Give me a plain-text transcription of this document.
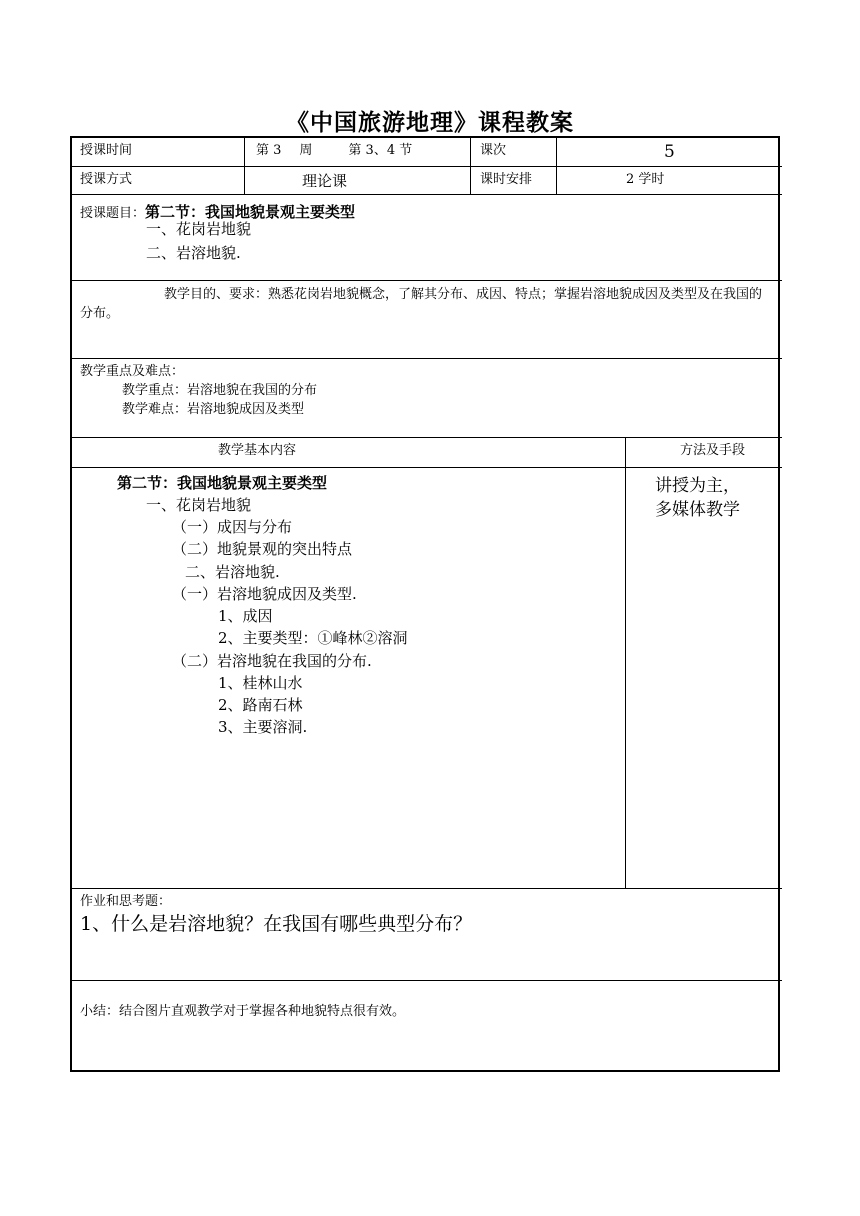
《中国旅游地理》课程教案
授课时间	第 3 周	第 3、4 节	课次	5
授课方式	理论课	课时安排	2 学时
授课题目：第二节：我国地貌景观主要类型
一、花岗岩地貌
二、岩溶地貌.
教学目的、要求：熟悉花岗岩地貌概念，了解其分布、成因、特点；掌握岩溶地貌成因及类型及在我国的分布。
教学重点及难点：
教学重点：岩溶地貌在我国的分布
教学难点：岩溶地貌成因及类型
教学基本内容	方法及手段
第二节：我国地貌景观主要类型
一、花岗岩地貌
（一）成因与分布
（二）地貌景观的突出特点
二、岩溶地貌.
（一）岩溶地貌成因及类型.
1、成因
2、主要类型：①峰林②溶洞
（二）岩溶地貌在我国的分布.
1、桂林山水
2、路南石林
3、主要溶洞.
讲授为主，
多媒体教学
作业和思考题：
1、什么是岩溶地貌？在我国有哪些典型分布？
小结：结合图片直观教学对于掌握各种地貌特点很有效。
